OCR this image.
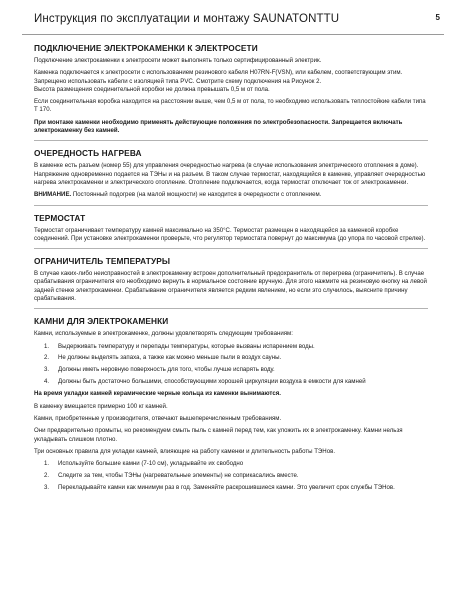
Инструкция по эксплуатации и монтажу SAUNATONTTU	5
ПОДКЛЮЧЕНИЕ ЭЛЕКТРОКАМЕНКИ К ЭЛЕКТРОСЕТИ

Подключение электрокаменки к электросети может выполнять только сертифицированный электрик.

Каменка подключается к электросети с использованием резинового кабеля H07RN-F(VSN), или кабелем, соответствующим этим. Запрещено использовать кабели с изоляцией типа PVC. Смотрите схему подключения на Рисунок 2.

Высота размещения соединительной коробки не должна превышать 0,5 м от пола.

Если соединительная коробка находится на расстоянии выше, чем 0,5 м от пола, то необходимо использовать теплостойкие кабели типа Т 170.

При монтаже каменки необходимо применять действующие положения по электробезопасности. Запрещается включать электрокаменку без камней.

ОЧЕРЕДНОСТЬ НАГРЕВА

В каменке есть разъем (номер 55) для управления очередностью нагрева (в случае использования электрического отопления в доме). Напряжение одновременно подается на ТЭНы и на разъем. В таком случае термостат, находящийся в каменке, управляет очередностью нагрева электрокаменки и электрического отопление. Отопление подключается, когда термостат отключает ток от электрокаменки.

ВНИМАНИЕ. Постоянный подогрев (на малой мощности) не находится в очередности с отоплением.

ТЕРМОСТАТ

Термостат ограничивает температуру камней максимально на 350°С. Термостат размещен в находящейся за каменкой коробке соединений. При установке электрокаменки проверьте, что регулятор термостата повернут до максимума (до упора по часовой стрелке).

ОГРАНИЧИТЕЛЬ ТЕМПЕРАТУРЫ

В случае каких-либо неисправностей в электрокаменку встроен дополнительный предохранитель от перегрева (ограничитель). В случае срабатывания ограничителя его необходимо вернуть в нормальное состояние вручную. Для этого нажмите на резиновую кнопку на левой задней стенке электрокаменки. Срабатывание ограничителя является редким явлением, но если это случилось, выясните причину срабатывания.

КАМНИ ДЛЯ ЭЛЕКТРОКАМЕНКИ

Камни, используемые в электрокаменке, должны удовлетворять следующим требованиям:

1. Выдерживать температуру и перепады температуры, которые вызваны испарением воды.
2. Не должны выделять запаха, а также как можно меньше пыли в воздух сауны.
3. Должны иметь неровную поверхность для того, чтобы лучше испарять воду.
4. Должны быть достаточно большими, способствующими хорошей циркуляции воздуха в емкости для камней

На время укладки камней керамические черные кольца из каменки вынимаются.

В каменку вмещается примерно 100 кг камней.

Камни, приобретенные у производителя, отвечают вышеперечисленным требованиям.

Они предварительно промыты, но рекомендуем смыть пыль с камней перед тем, как уложить их в электрокаменку. Камни нельзя укладывать слишком плотно.

Три основных правила для укладки камней, влияющие на работу каменки и длительность работы ТЭНов.

1. Используйте большие камни (7-10 см), укладывайте их свободно
2. Следите за тем, чтобы ТЭНы (нагревательные элементы) не соприкасались вместе.
3. Перекладывайте камни как минимум раз в год. Заменяйте раскрошившиеся камни. Это увеличит срок службы ТЭНов.
